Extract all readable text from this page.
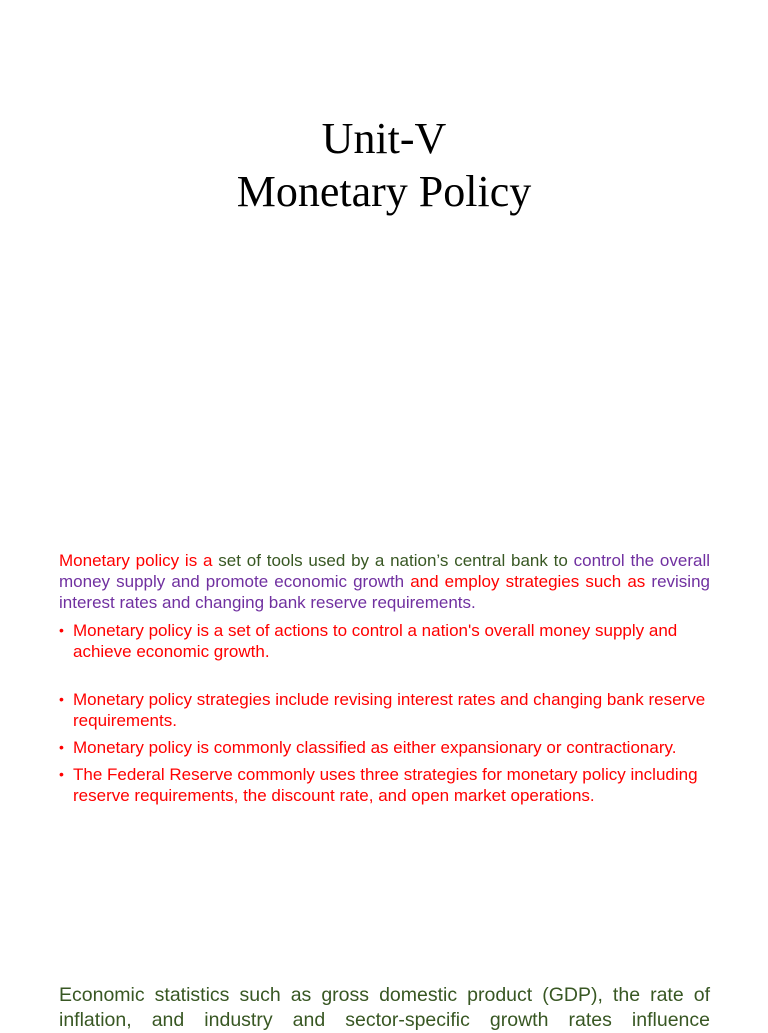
Unit-V
Monetary Policy

Monetary policy is a set of tools used by a nation’s central bank to control the overall money supply and promote economic growth and employ strategies such as revising interest rates and changing bank reserve requirements.

• Monetary policy is a set of actions to control a nation's overall money supply and achieve economic growth.
• Monetary policy strategies include revising interest rates and changing bank reserve requirements.
• Monetary policy is commonly classified as either expansionary or contractionary.
• The Federal Reserve commonly uses three strategies for monetary policy including reserve requirements, the discount rate, and open market operations.

Economic statistics such as gross domestic product (GDP), the rate of inflation, and industry and sector-specific growth rates influence
